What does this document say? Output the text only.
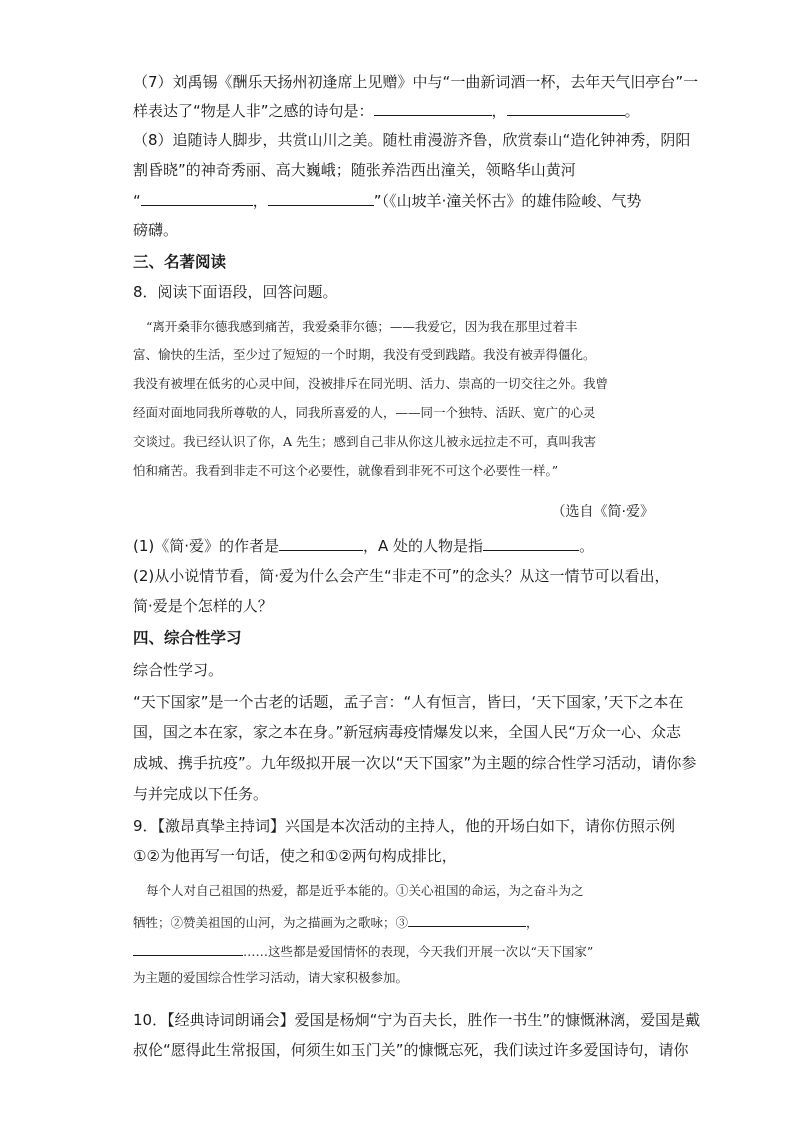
（7）刘禹锡《酬乐天扬州初逢席上见赠》中与“一曲新词酒一杯，去年天气旧亭台”一
样表达了“物是人非”之感的诗句是：	，	。
（8）追随诗人脚步，共赏山川之美。随杜甫漫游齐鲁，欣赏泰山“造化钟神秀，阴阳
割昏晓”的神奇秀丽、高大巍峨；随张养浩西出潼关，领略华山黄河
“	，	”（《山坡羊·潼关怀古》的雄伟险峻、气势
磅礴。
三、名著阅读
8．阅读下面语段，回答问题。
“离开桑菲尔德我感到痛苦，我爱桑菲尔德；——我爱它，因为我在那里过着丰
富、愉快的生活，至少过了短短的一个时期，我没有受到践踏。我没有被弄得僵化。
我没有被埋在低劣的心灵中间，没被排斥在同光明、活力、崇高的一切交往之外。我曾
经面对面地同我所尊敬的人，同我所喜爱的人，——同一个独特、活跃、宽广的心灵
交谈过。我已经认识了你，A 先生；感到自己非从你这儿被永远拉走不可，真叫我害
怕和痛苦。我看到非走不可这个必要性，就像看到非死不可这个必要性一样。”
（选自《简·爱》
(1)《简·爱》的作者是	，A 处的人物是指	。
(2)从小说情节看，简·爱为什么会产生“非走不可”的念头？从这一情节可以看出，
简·爱是个怎样的人？
四、综合性学习
综合性学习。
“天下国家”是一个古老的话题，孟子言：“人有恒言，皆曰，‘天下国家，’天下之本在
国，国之本在家，家之本在身。”新冠病毒疫情爆发以来，全国人民“万众一心、众志
成城、携手抗疫”。九年级拟开展一次以“天下国家”为主题的综合性学习活动，请你参
与并完成以下任务。
9．【激昂真挚主持词】兴国是本次活动的主持人，他的开场白如下，请你仿照示例
①②为他再写一句话，使之和①②两句构成排比，
每个人对自己祖国的热爱，都是近乎本能的。①关心祖国的命运，为之奋斗为之
牺牲；②赞美祖国的山河，为之描画为之歌咏；③	，
……这些都是爱国情怀的表现，今天我们开展一次以“天下国家”
为主题的爱国综合性学习活动，请大家积极参加。
10．【经典诗词朗诵会】爱国是杨炯“宁为百夫长，胜作一书生”的慷慨淋漓，爱国是戴
叔伦“愿得此生常报国，何须生如玉门关”的慷慨忘死，我们读过许多爱国诗句，请你
